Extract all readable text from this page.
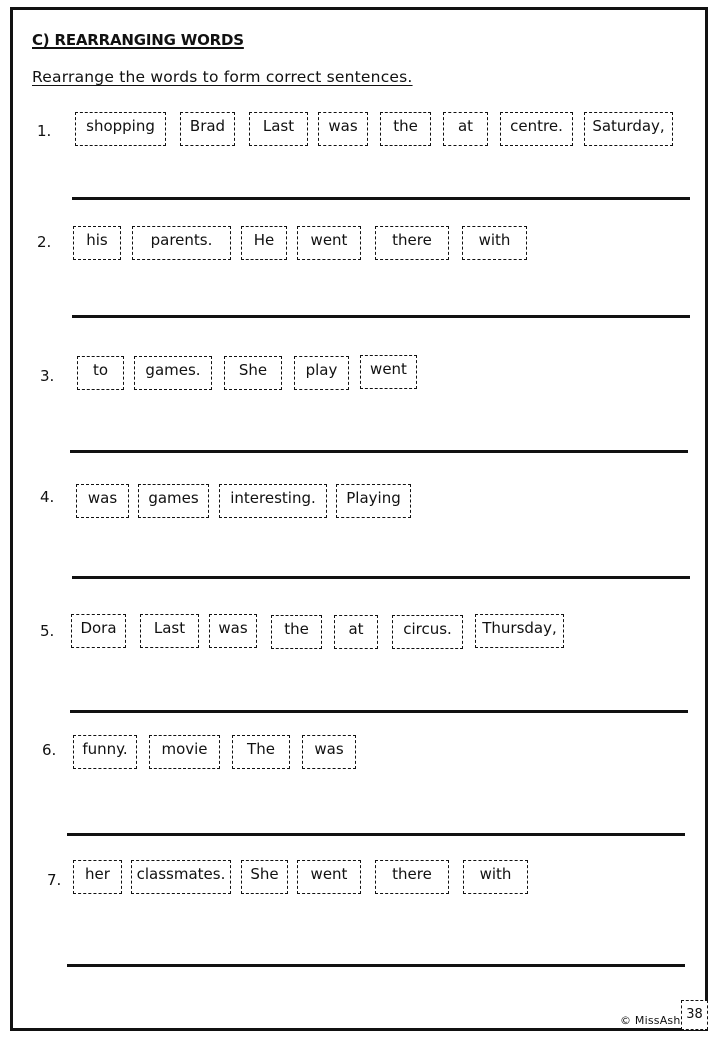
C) REARRANGING WORDS
Rearrange the words to form correct sentences.
1.	shopping	Brad	Last	was	the	at	centre.	Saturday,
2.	his	parents.	He	went	there	with
3.	to	games.	She	play	went
4.	was	games	interesting.	Playing
5.	Dora	Last	was	the	at	circus.	Thursday,
6.	funny.	movie	The	was
7.	her	classmates.	She	went	there	with
© MissAsh 38
